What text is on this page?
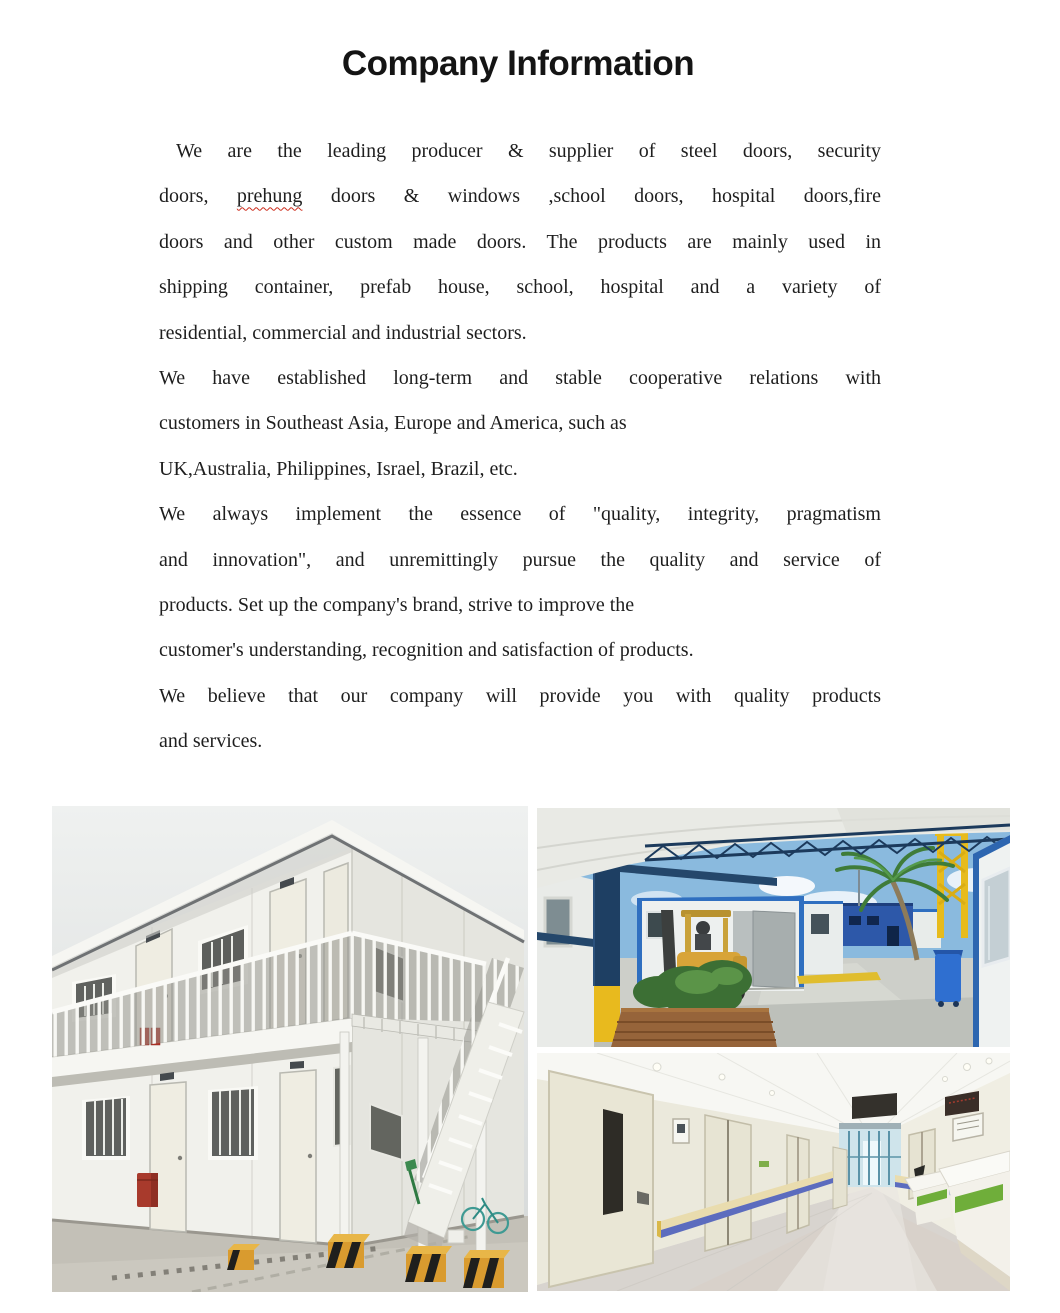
Company Information
We are the leading producer & supplier of steel doors, security
doors, prehung doors & windows ,school doors, hospital doors,fire
doors and other custom made doors. The products are mainly used in
shipping container, prefab house, school, hospital and a variety of
residential, commercial and industrial sectors.
We have established long-term and stable cooperative relations with
customers in Southeast Asia, Europe and America, such as
UK,Australia, Philippines, Israel, Brazil, etc.
We always implement the essence of "quality, integrity, pragmatism
and innovation", and unremittingly pursue the quality and service of
products. Set up the company's brand, strive to improve the
customer's understanding, recognition and satisfaction of products.
We believe that our company will provide you with quality products
and services.
